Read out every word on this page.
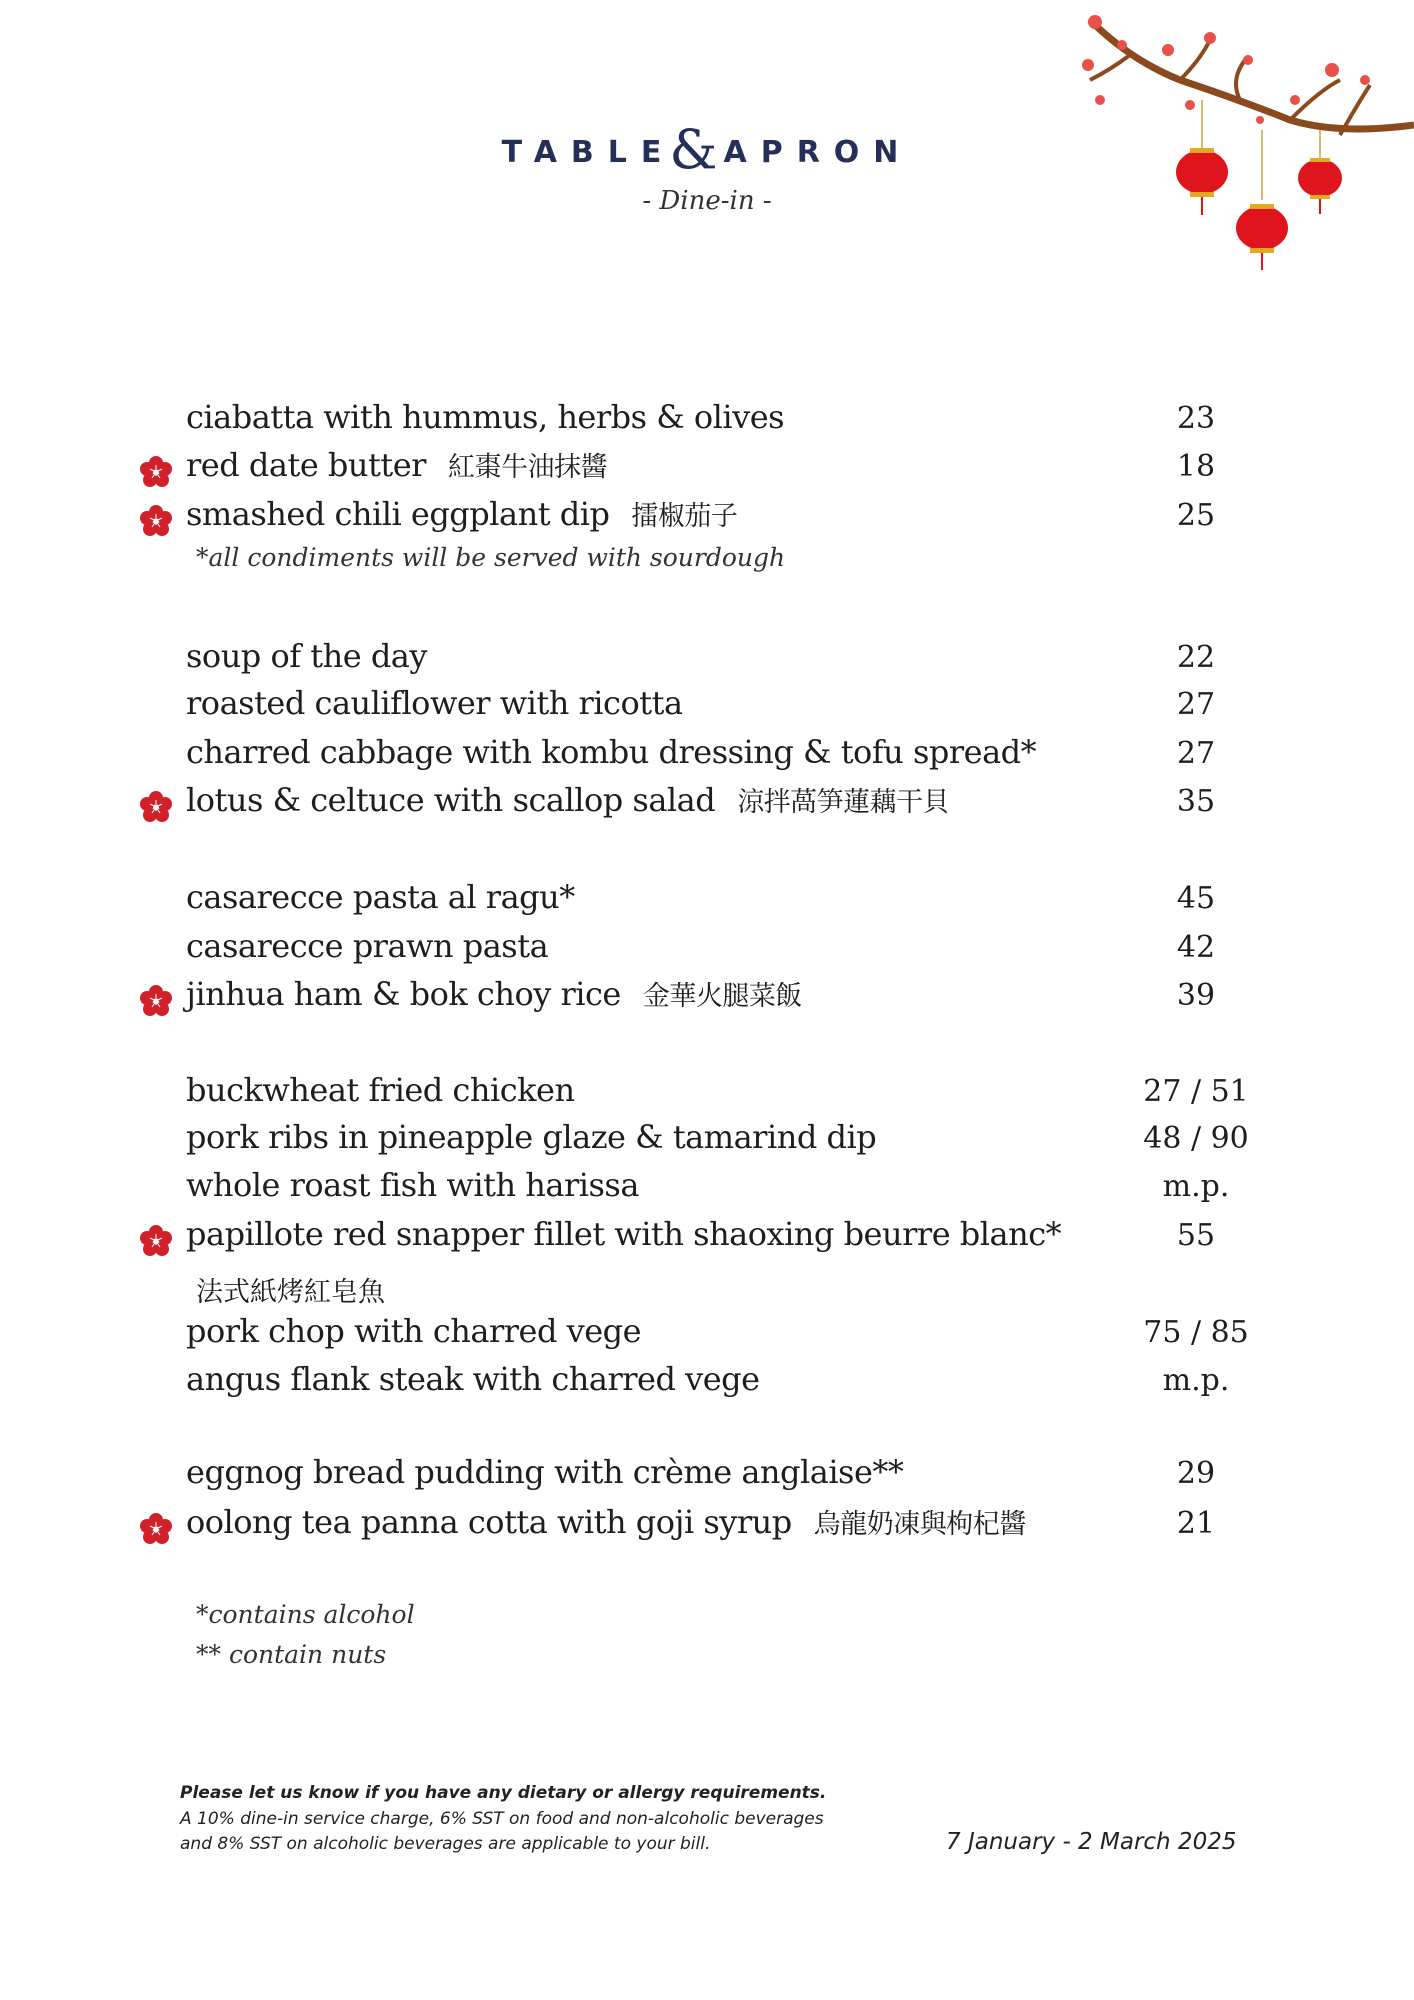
TABLE& APRON
- Dine-in -
ciabatta with hummus, herbs & olives	23
red date butter 紅棗牛油抹醬	18
smashed chili eggplant dip 擂椒茄子	25
*all condiments will be served with sourdough
soup of the day	22
roasted cauliflower with ricotta	27
charred cabbage with kombu dressing & tofu spread*	27
lotus & celtuce with scallop salad 涼拌萵笋蓮藕干貝	35
casarecce pasta al ragu*	45
casarecce prawn pasta	42
jinhua ham & bok choy rice 金華火腿菜飯	39
buckwheat fried chicken	27 / 51
pork ribs in pineapple glaze & tamarind dip	48 / 90
whole roast fish with harissa	m.p.
papillote red snapper fillet with shaoxing beurre blanc*	55
法式紙烤紅皂魚
pork chop with charred vege	75 / 85
angus flank steak with charred vege	m.p.
eggnog bread pudding with crème anglaise**	29
oolong tea panna cotta with goji syrup 烏龍奶凍與枸杞醬	21
*contains alcohol
** contain nuts
Please let us know if you have any dietary or allergy requirements.
A 10% dine-in service charge, 6% SST on food and non-alcoholic beverages
and 8% SST on alcoholic beverages are applicable to your bill.	7 January - 2 March 2025
